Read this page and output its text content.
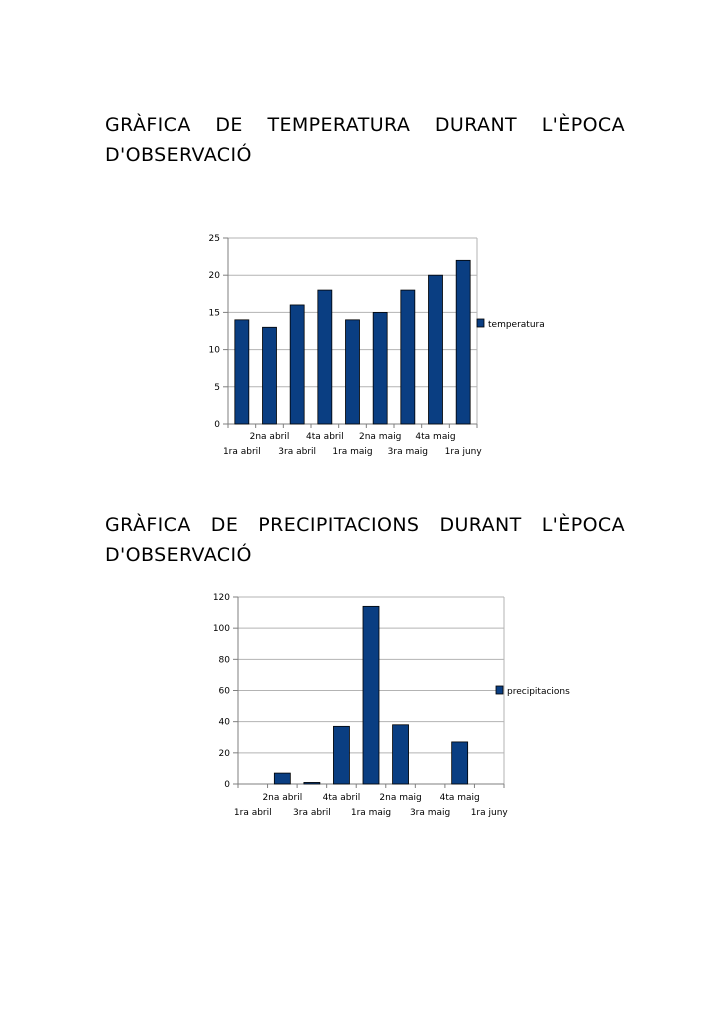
GRÀFICA DE TEMPERATURA DURANT L'ÈPOCA D'OBSERVACIÓ
0
5
10
15
20
25
1ra abril
2na abril
3ra abril
4ta abril
1ra maig
2na maig
3ra maig
4ta maig
1ra juny
temperatura
GRÀFICA DE PRECIPITACIONS DURANT L'ÈPOCA D'OBSERVACIÓ
0
20
40
60
80
100
120
1ra abril
2na abril
3ra abril
4ta abril
1ra maig
2na maig
3ra maig
4ta maig
1ra juny
precipitacions
